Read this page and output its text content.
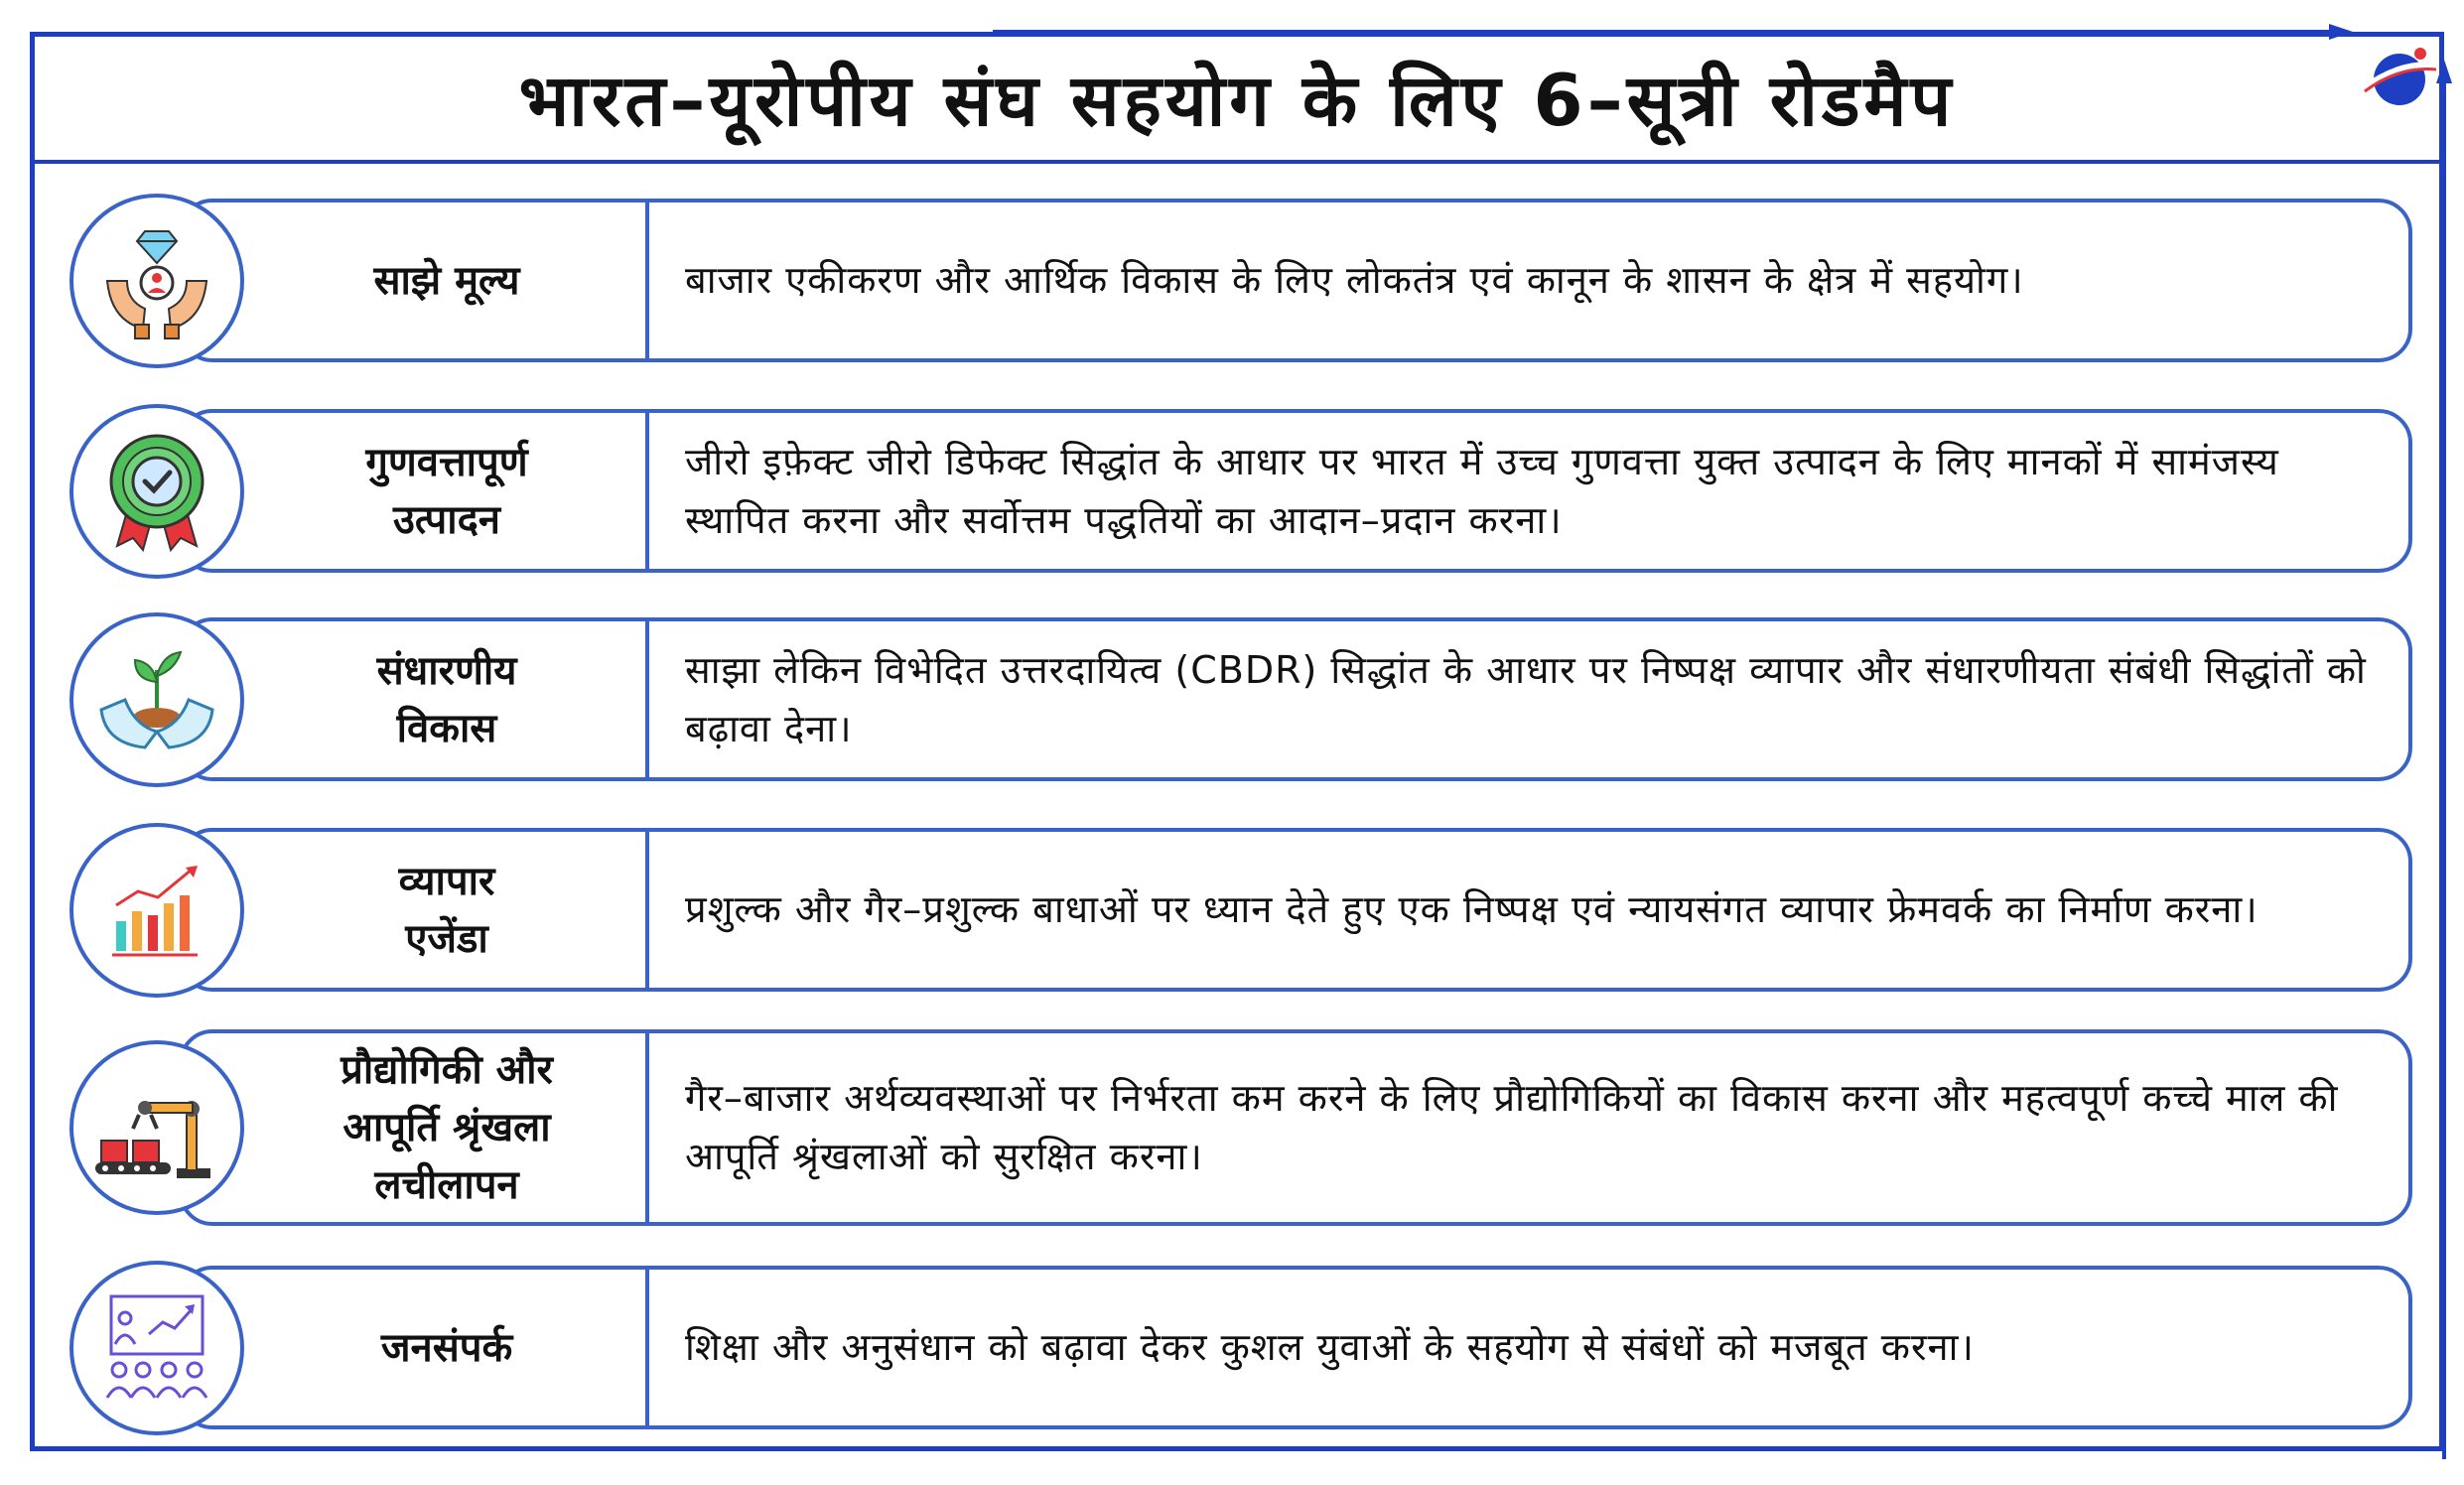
भारत–यूरोपीय संघ सहयोग के लिए 6–सूत्री रोडमैप
साझे मूल्य	बाजार एकीकरण और आर्थिक विकास के लिए लोकतंत्र एवं कानून के शासन के क्षेत्र में सहयोग।
गुणवत्तापूर्ण
उत्पादन
जीरो इफ़ेक्ट जीरो डिफेक्ट सिद्धांत के आधार पर भारत में उच्च गुणवत्ता युक्त उत्पादन के लिए मानकों में सामंजस्य स्थापित करना और सर्वोत्तम पद्धतियों का आदान–प्रदान करना।
संधारणीय
विकास
साझा लेकिन विभेदित उत्तरदायित्व (CBDR) सिद्धांत के आधार पर निष्पक्ष व्यापार और संधारणीयता संबंधी सिद्धांतों को बढ़ावा देना।
व्यापार
एजेंडा
प्रशुल्क और गैर–प्रशुल्क बाधाओं पर ध्यान देते हुए एक निष्पक्ष एवं न्यायसंगत व्यापार फ्रेमवर्क का निर्माण करना।
प्रौद्योगिकी और
आपूर्ति श्रृंखला
लचीलापन
गैर–बाजार अर्थव्यवस्थाओं पर निर्भरता कम करने के लिए प्रौद्योगिकियों का विकास करना और महत्वपूर्ण कच्चे माल की आपूर्ति श्रृंखलाओं को सुरक्षित करना।
जनसंपर्क	शिक्षा और अनुसंधान को बढ़ावा देकर कुशल युवाओं के सहयोग से संबंधों को मजबूत करना।
